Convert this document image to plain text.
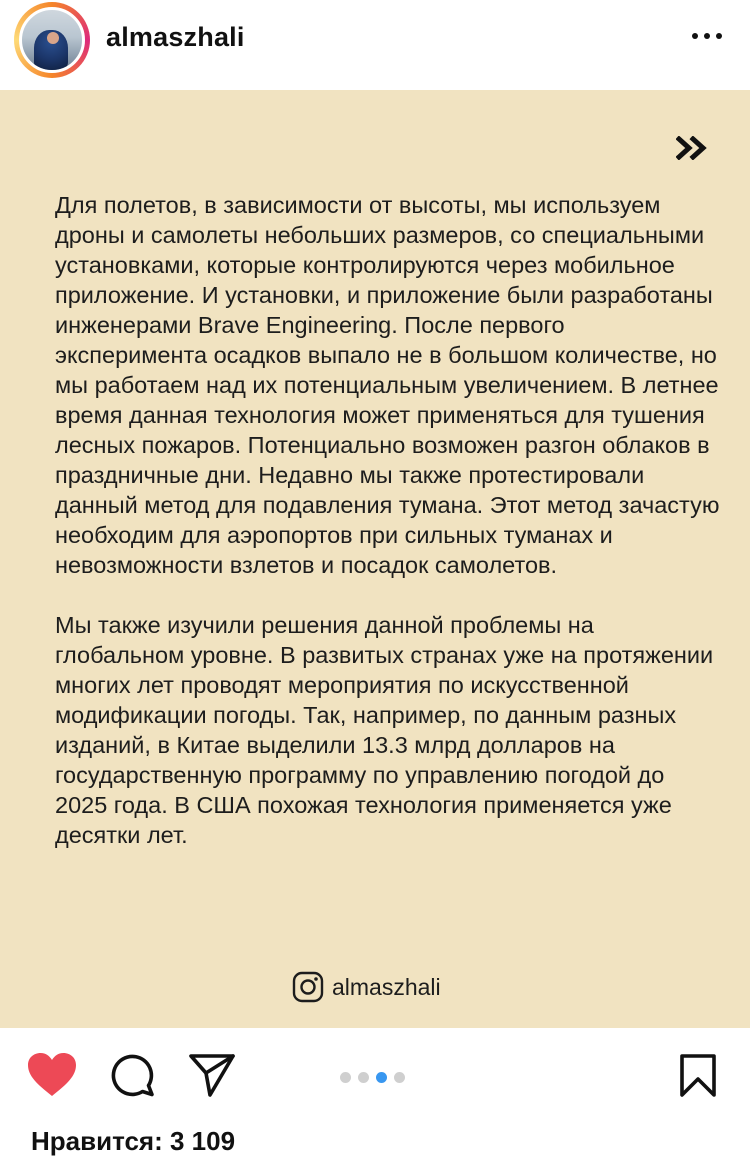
almaszhali

Для полетов, в зависимости от высоты, мы используем дроны и самолеты небольших размеров, со специальными установками, которые контролируются через мобильное приложение. И установки, и приложение были разработаны инженерами Brave Engineering. После первого эксперимента осадков выпало не в большом количестве, но мы работаем над их потенциальным увеличением. В летнее время данная технология может применяться для тушения лесных пожаров. Потенциально возможен разгон облаков в праздничные дни. Недавно мы также протестировали данный метод для подавления тумана. Этот метод зачастую необходим для аэропортов при сильных туманах и невозможности взлетов и посадок самолетов.

Мы также изучили решения данной проблемы на глобальном уровне. В развитых странах уже на протяжении многих лет проводят мероприятия по искусственной модификации погоды. Так, например, по данным разных изданий, в Китае выделили 13.3 млрд долларов на государственную программу по управлению погодой до 2025 года. В США похожая технология применяется уже десятки лет.

almaszhali
Нравится: 3 109
